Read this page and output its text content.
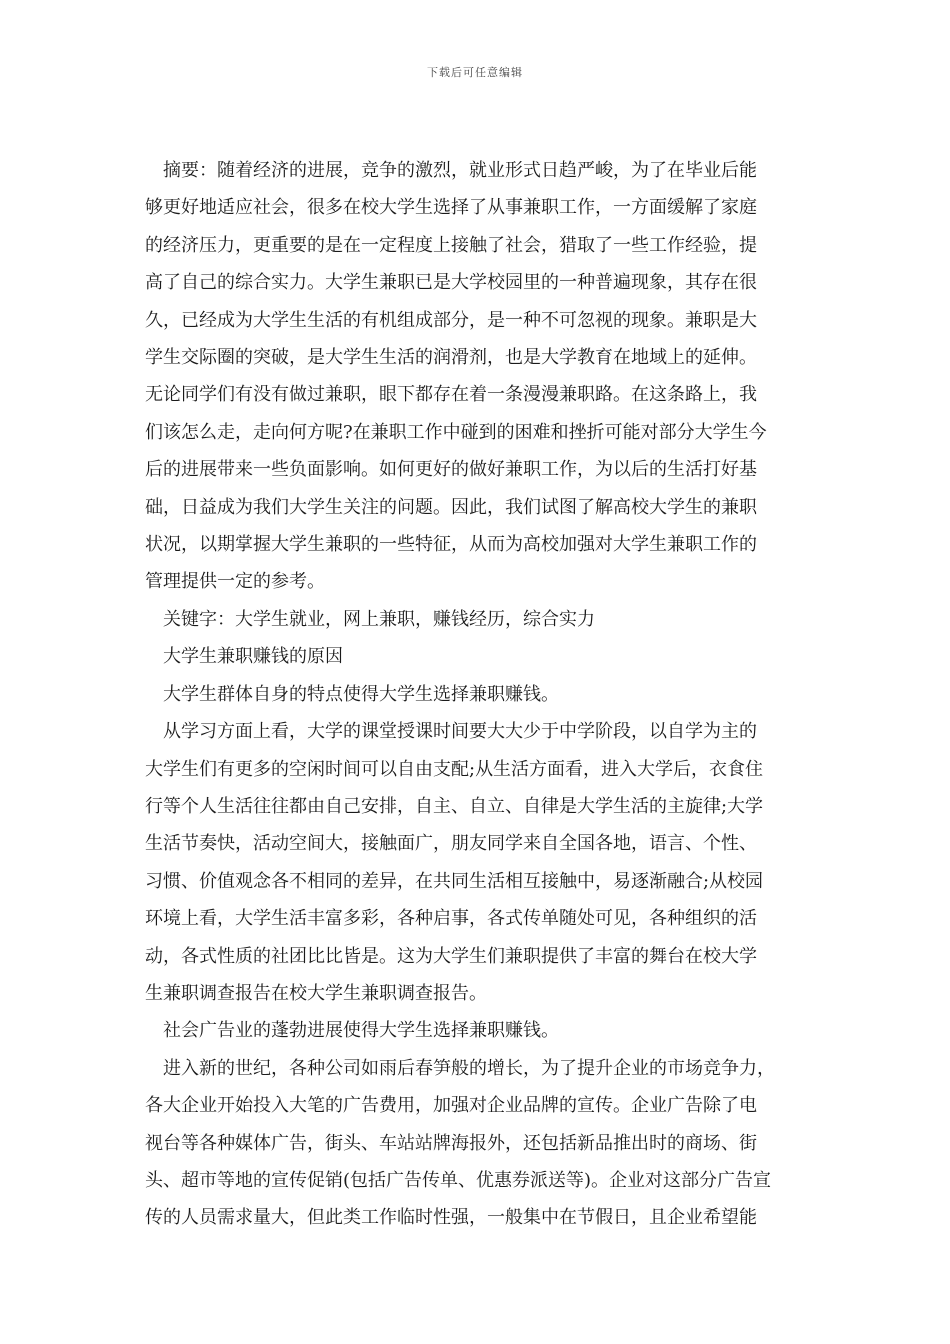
下载后可任意编辑
摘要：随着经济的进展，竞争的激烈，就业形式日趋严峻，为了在毕业后能
够更好地适应社会，很多在校大学生选择了从事兼职工作，一方面缓解了家庭
的经济压力，更重要的是在一定程度上接触了社会，猎取了一些工作经验，提
高了自己的综合实力。大学生兼职已是大学校园里的一种普遍现象，其存在很
久，已经成为大学生生活的有机组成部分，是一种不可忽视的现象。兼职是大
学生交际圈的突破，是大学生生活的润滑剂，也是大学教育在地域上的延伸。
无论同学们有没有做过兼职，眼下都存在着一条漫漫兼职路。在这条路上，我
们该怎么走，走向何方呢?在兼职工作中碰到的困难和挫折可能对部分大学生今
后的进展带来一些负面影响。如何更好的做好兼职工作，为以后的生活打好基
础，日益成为我们大学生关注的问题。因此，我们试图了解高校大学生的兼职
状况，以期掌握大学生兼职的一些特征，从而为高校加强对大学生兼职工作的
管理提供一定的参考。
关键字：大学生就业，网上兼职，赚钱经历，综合实力
大学生兼职赚钱的原因
大学生群体自身的特点使得大学生选择兼职赚钱。
从学习方面上看，大学的课堂授课时间要大大少于中学阶段，以自学为主的
大学生们有更多的空闲时间可以自由支配;从生活方面看，进入大学后，衣食住
行等个人生活往往都由自己安排，自主、自立、自律是大学生活的主旋律;大学
生活节奏快，活动空间大，接触面广，朋友同学来自全国各地，语言、个性、
习惯、价值观念各不相同的差异，在共同生活相互接触中，易逐渐融合;从校园
环境上看，大学生活丰富多彩，各种启事，各式传单随处可见，各种组织的活
动，各式性质的社团比比皆是。这为大学生们兼职提供了丰富的舞台在校大学
生兼职调查报告在校大学生兼职调查报告。
社会广告业的蓬勃进展使得大学生选择兼职赚钱。
进入新的世纪，各种公司如雨后春笋般的增长，为了提升企业的市场竞争力，
各大企业开始投入大笔的广告费用，加强对企业品牌的宣传。企业广告除了电
视台等各种媒体广告，街头、车站站牌海报外，还包括新品推出时的商场、街
头、超市等地的宣传促销(包括广告传单、优惠券派送等)。企业对这部分广告宣
传的人员需求量大，但此类工作临时性强，一般集中在节假日，且企业希望能
